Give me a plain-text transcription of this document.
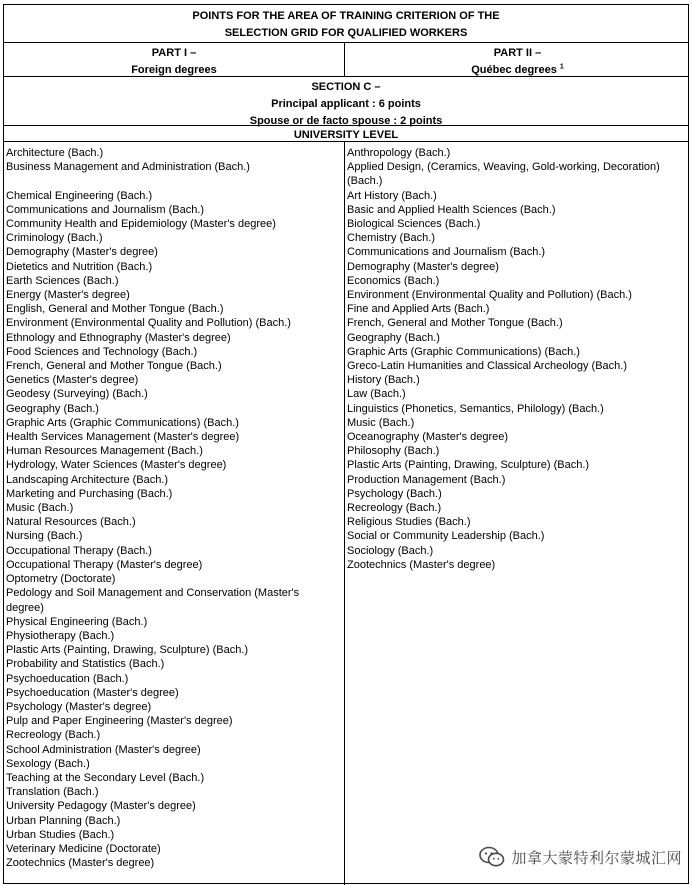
POINTS FOR THE AREA OF TRAINING CRITERION OF THE
SELECTION GRID FOR QUALIFIED WORKERS
PART I –
Foreign degrees
PART II –
Québec degrees $^1$
SECTION C –
Principal applicant : 6 points
Spouse or de facto spouse : 2 points
UNIVERSITY LEVEL
Architecture (Bach.)
Business Management and Administration (Bach.)

Chemical Engineering (Bach.)
Communications and Journalism (Bach.)
Community Health and Epidemiology (Master's degree)
Criminology (Bach.)
Demography (Master's degree)
Dietetics and Nutrition (Bach.)
Earth Sciences (Bach.)
Energy (Master's degree)
English, General and Mother Tongue (Bach.)
Environment (Environmental Quality and Pollution) (Bach.)
Ethnology and Ethnography (Master's degree)
Food Sciences and Technology (Bach.)
French, General and Mother Tongue (Bach.)
Genetics (Master's degree)
Geodesy (Surveying) (Bach.)
Geography (Bach.)
Graphic Arts (Graphic Communications) (Bach.)
Health Services Management (Master's degree)
Human Resources Management (Bach.)
Hydrology, Water Sciences (Master's degree)
Landscaping Architecture (Bach.)
Marketing and Purchasing (Bach.)
Music (Bach.)
Natural Resources (Bach.)
Nursing (Bach.)
Occupational Therapy (Bach.)
Occupational Therapy (Master's degree)
Optometry (Doctorate)
Pedology and Soil Management and Conservation (Master's
degree)
Physical Engineering (Bach.)
Physiotherapy (Bach.)
Plastic Arts (Painting, Drawing, Sculpture) (Bach.)
Probability and Statistics (Bach.)
Psychoeducation (Bach.)
Psychoeducation (Master's degree)
Psychology (Master's degree)
Pulp and Paper Engineering (Master's degree)
Recreology (Bach.)
School Administration (Master's degree)
Sexology (Bach.)
Teaching at the Secondary Level (Bach.)
Translation (Bach.)
University Pedagogy (Master's degree)
Urban Planning (Bach.)
Urban Studies (Bach.)
Veterinary Medicine (Doctorate)
Zootechnics (Master's degree)
Anthropology (Bach.)
Applied Design, (Ceramics, Weaving, Gold-working, Decoration)
(Bach.)
Art History (Bach.)
Basic and Applied Health Sciences (Bach.)
Biological Sciences (Bach.)
Chemistry (Bach.)
Communications and Journalism (Bach.)
Demography (Master's degree)
Economics (Bach.)
Environment (Environmental Quality and Pollution) (Bach.)
Fine and Applied Arts (Bach.)
French, General and Mother Tongue (Bach.)
Geography (Bach.)
Graphic Arts (Graphic Communications) (Bach.)
Greco-Latin Humanities and Classical Archeology (Bach.)
History (Bach.)
Law (Bach.)
Linguistics (Phonetics, Semantics, Philology) (Bach.)
Music (Bach.)
Oceanography (Master's degree)
Philosophy (Bach.)
Plastic Arts (Painting, Drawing, Sculpture) (Bach.)
Production Management (Bach.)
Psychology (Bach.)
Recreology (Bach.)
Religious Studies (Bach.)
Social or Community Leadership (Bach.)
Sociology (Bach.)
Zootechnics (Master's degree)
加拿大蒙特利尔蒙城汇网
